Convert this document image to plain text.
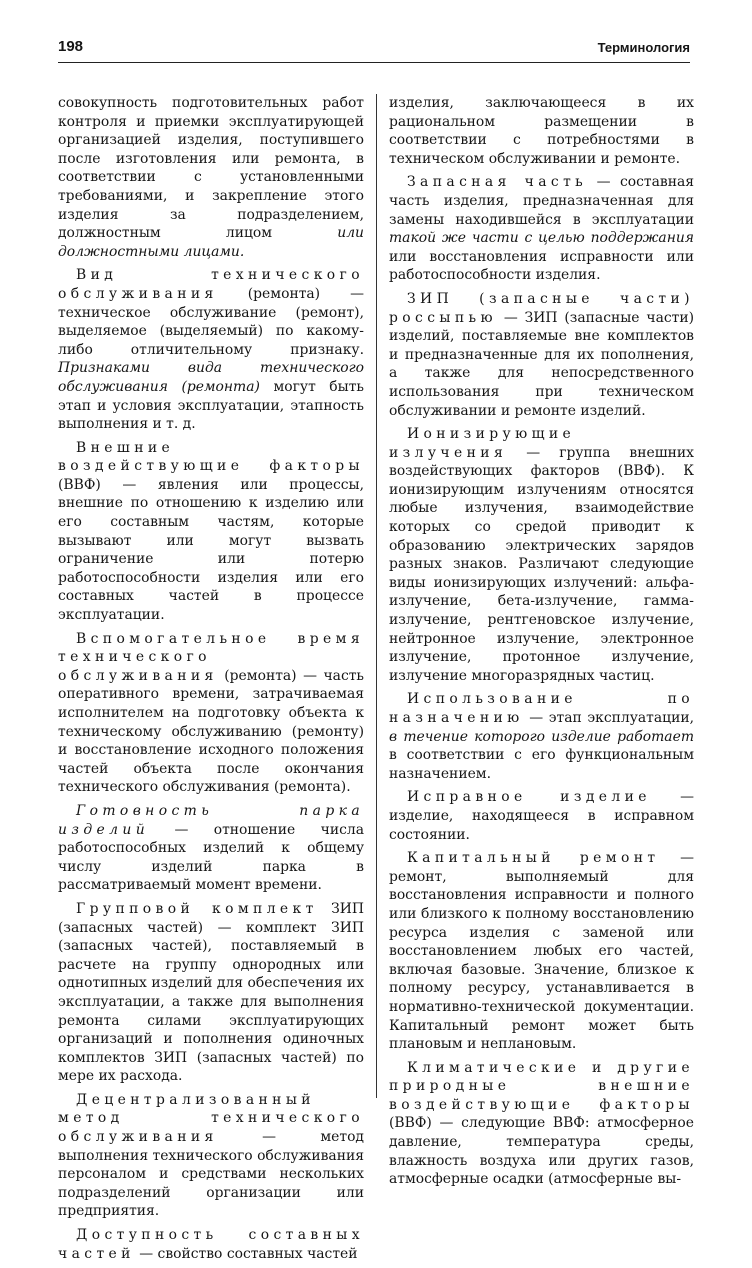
198	Терминология

совокупность подготовительных работ контроля и приемки эксплуатирующей организацией изделия, поступившего после изготовления или ремонта, в соответствии с установленными требованиями, и закрепление этого изделия за подразделением, должностным лицом или должностными лицами.

Вид технического обслуживания (ремонта) — техническое обслуживание (ремонт), выделяемое (выделяемый) по какому-либо отличительному признаку. Признаками вида технического обслуживания (ремонта) могут быть этап и условия эксплуатации, этапность выполнения и т. д.

Внешние воздействующие факторы (ВВФ) — явления или процессы, внешние по отношению к изделию или его составным частям, которые вызывают или могут вызвать ограничение или потерю работоспособности изделия или его составных частей в процессе эксплуатации.

Вспомогательное время технического обслуживания (ремонта) — часть оперативного времени, затрачиваемая исполнителем на подготовку объекта к техническому обслуживанию (ремонту) и восстановление исходного положения частей объекта после окончания технического обслуживания (ремонта).

Готовность парка изделий — отношение числа работоспособных изделий к общему числу изделий парка в рассматриваемый момент времени.

Групповой комплект ЗИП (запасных частей) — комплект ЗИП (запасных частей), поставляемый в расчете на группу однородных или однотипных изделий для обеспечения их эксплуатации, а также для выполнения ремонта силами эксплуатирующих организаций и пополнения одиночных комплектов ЗИП (запасных частей) по мере их расхода.

Децентрализованный метод технического обслуживания — метод выполнения технического обслуживания персоналом и средствами нескольких подразделений организации или предприятия.

Доступность составных частей — свойство составных частей

изделия, заключающееся в их рациональном размещении в соответствии с потребностями в техническом обслуживании и ремонте.

Запасная часть — составная часть изделия, предназначенная для замены находившейся в эксплуатации такой же части с целью поддержания или восстановления исправности или работоспособности изделия.

ЗИП (запасные части) россыпью — ЗИП (запасные части) изделий, поставляемые вне комплектов и предназначенные для их пополнения, а также для непосредственного использования при техническом обслуживании и ремонте изделий.

Ионизирующие излучения — группа внешних воздействующих факторов (ВВФ). К ионизирующим излучениям относятся любые излучения, взаимодействие которых со средой приводит к образованию электрических зарядов разных знаков. Различают следующие виды ионизирующих излучений: альфа-излучение, бета-излучение, гамма-излучение, рентгеновское излучение, нейтронное излучение, электронное излучение, протонное излучение, излучение многоразрядных частиц.

Использование по назначению — этап эксплуатации, в течение которого изделие работает в соответствии с его функциональным назначением.

Исправное изделие — изделие, находящееся в исправном состоянии.

Капитальный ремонт — ремонт, выполняемый для восстановления исправности и полного или близкого к полному восстановлению ресурса изделия с заменой или восстановлением любых его частей, включая базовые. Значение, близкое к полному ресурсу, устанавливается в нормативно-технической документации. Капитальный ремонт может быть плановым и неплановым.

Климатические и другие природные внешние воздействующие факторы (ВВФ) — следующие ВВФ: атмосферное давление, температура среды, влажность воздуха или других газов, атмосферные осадки (атмосферные вы-
